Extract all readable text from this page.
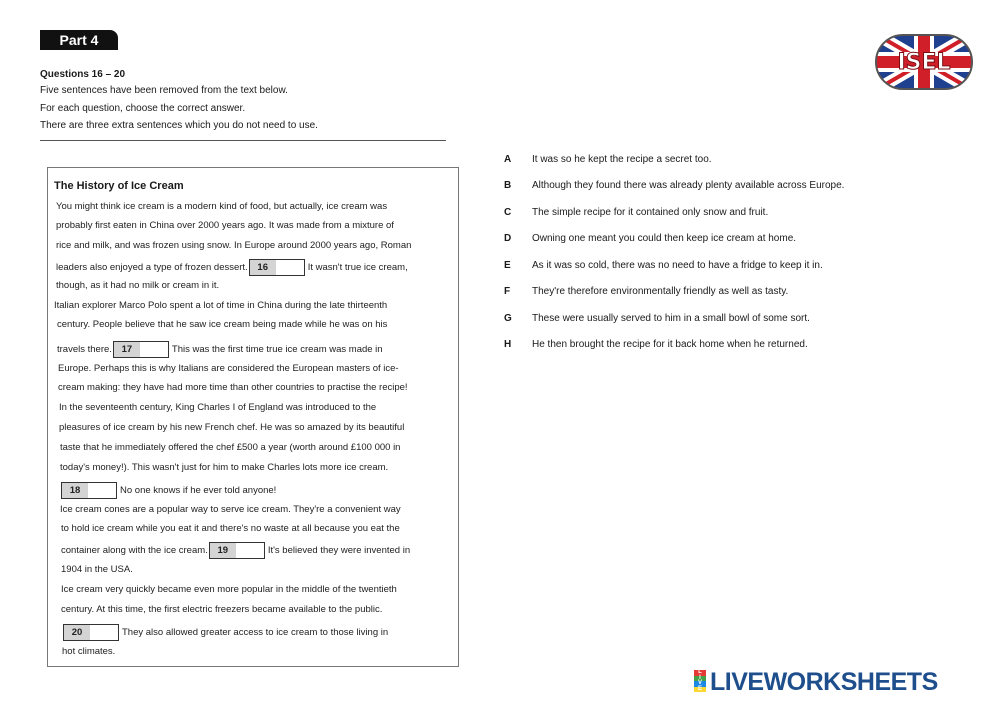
Part 4
Questions 16 – 20
Five sentences have been removed from the text below.
For each question, choose the correct answer.
There are three extra sentences which you do not need to use.
ISEL
The History of Ice Cream
You might think ice cream is a modern kind of food, but actually, ice cream was
probably first eaten in China over 2000 years ago. It was made from a mixture of
rice and milk, and was frozen using snow. In Europe around 2000 years ago, Roman
leaders also enjoyed a type of frozen dessert. 16	It wasn't true ice cream,
though, as it had no milk or cream in it.
Italian explorer Marco Polo spent a lot of time in China during the late thirteenth
century. People believe that he saw ice cream being made while he was on his
travels there. 17	This was the first time true ice cream was made in
Europe. Perhaps this is why Italians are considered the European masters of ice-
cream making: they have had more time than other countries to practise the recipe!
In the seventeenth century, King Charles I of England was introduced to the
pleasures of ice cream by his new French chef. He was so amazed by its beautiful
taste that he immediately offered the chef £500 a year (worth around £100 000 in
today's money!). This wasn't just for him to make Charles lots more ice cream.
18	No one knows if he ever told anyone!
Ice cream cones are a popular way to serve ice cream. They're a convenient way
to hold ice cream while you eat it and there's no waste at all because you eat the
container along with the ice cream. 19	It's believed they were invented in
1904 in the USA.
Ice cream very quickly became even more popular in the middle of the twentieth
century. At this time, the first electric freezers became available to the public.
20	They also allowed greater access to ice cream to those living in
hot climates.
A It was so he kept the recipe a secret too.
B Although they found there was already plenty available across Europe.
C The simple recipe for it contained only snow and fruit.
D Owning one meant you could then keep ice cream at home.
E As it was so cold, there was no need to have a fridge to keep it in.
F They're therefore environmentally friendly as well as tasty.
G These were usually served to him in a small bowl of some sort.
H He then brought the recipe for it back home when he returned.
L
I
V
E LIVEWORKSHEETS
